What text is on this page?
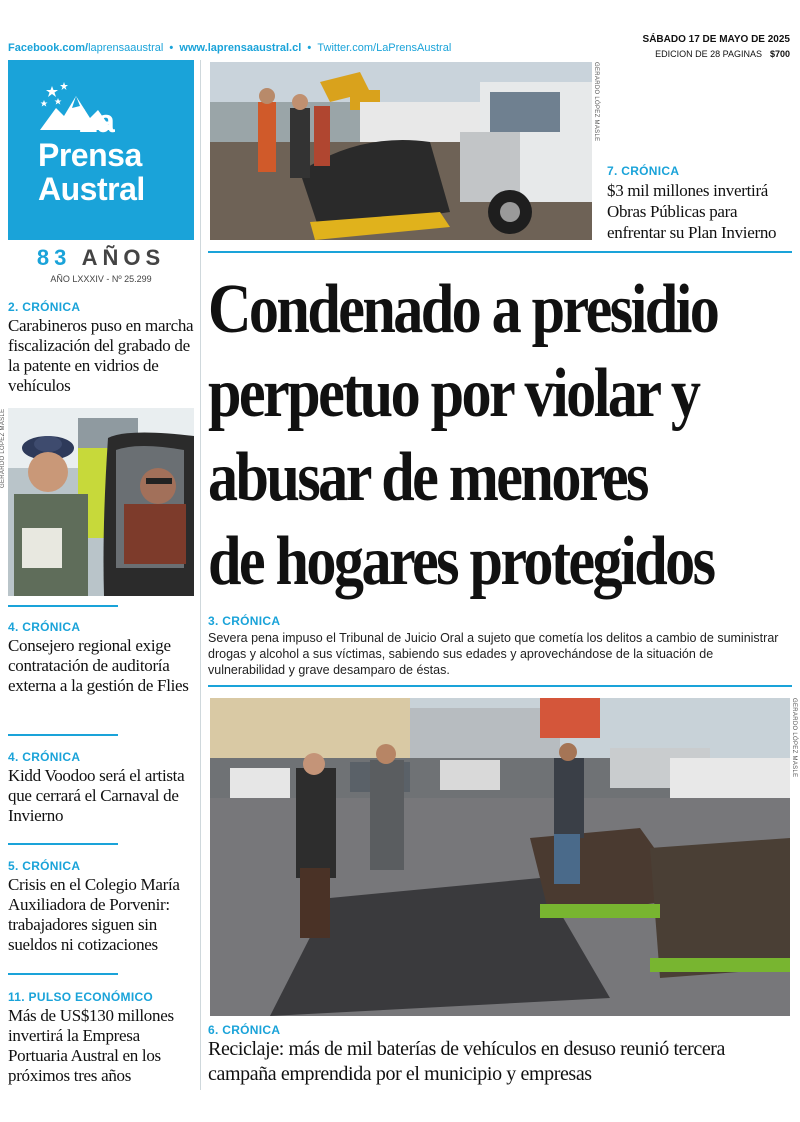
Facebook.com/laprensaaustral • www.laprensaaustral.cl • Twitter.com/LaPrensAustral
SÁBADO 17 DE MAYO DE 2025
EDICION DE 28 PAGINAS $700
La
Prensa
Austral
83 AÑOS
AÑO LXXXIV - Nº 25.299
2. CRÓNICA
Carabineros puso en marcha fiscalización del grabado de la patente en vidrios de vehículos
GERARDO LÓPEZ MASLE
4. CRÓNICA
Consejero regional exige contratación de auditoría externa a la gestión de Flies
4. CRÓNICA
Kidd Voodoo será el artista que cerrará el Carnaval de Invierno
5. CRÓNICA
Crisis en el Colegio María Auxiliadora de Porvenir: trabajadores siguen sin sueldos ni cotizaciones
11. PULSO ECONÓMICO
Más de US$130 millones invertirá la Empresa Portuaria Austral en los próximos tres años
GERARDO LÓPEZ MASLE
7. CRÓNICA
$3 mil millones invertirá Obras Públicas para enfrentar su Plan Invierno
Condenado a presidio
perpetuo por violar y
abusar de menores
de hogares protegidos
3. CRÓNICA
Severa pena impuso el Tribunal de Juicio Oral a sujeto que cometía los delitos a cambio de suministrar drogas y alcohol a sus víctimas, sabiendo sus edades y aprovechándose de la situación de vulnerabilidad y grave desamparo de éstas.
GERARDO LÓPEZ MASLE
6. CRÓNICA
Reciclaje: más de mil baterías de vehículos en desuso reunió tercera campaña emprendida por el municipio y empresas
